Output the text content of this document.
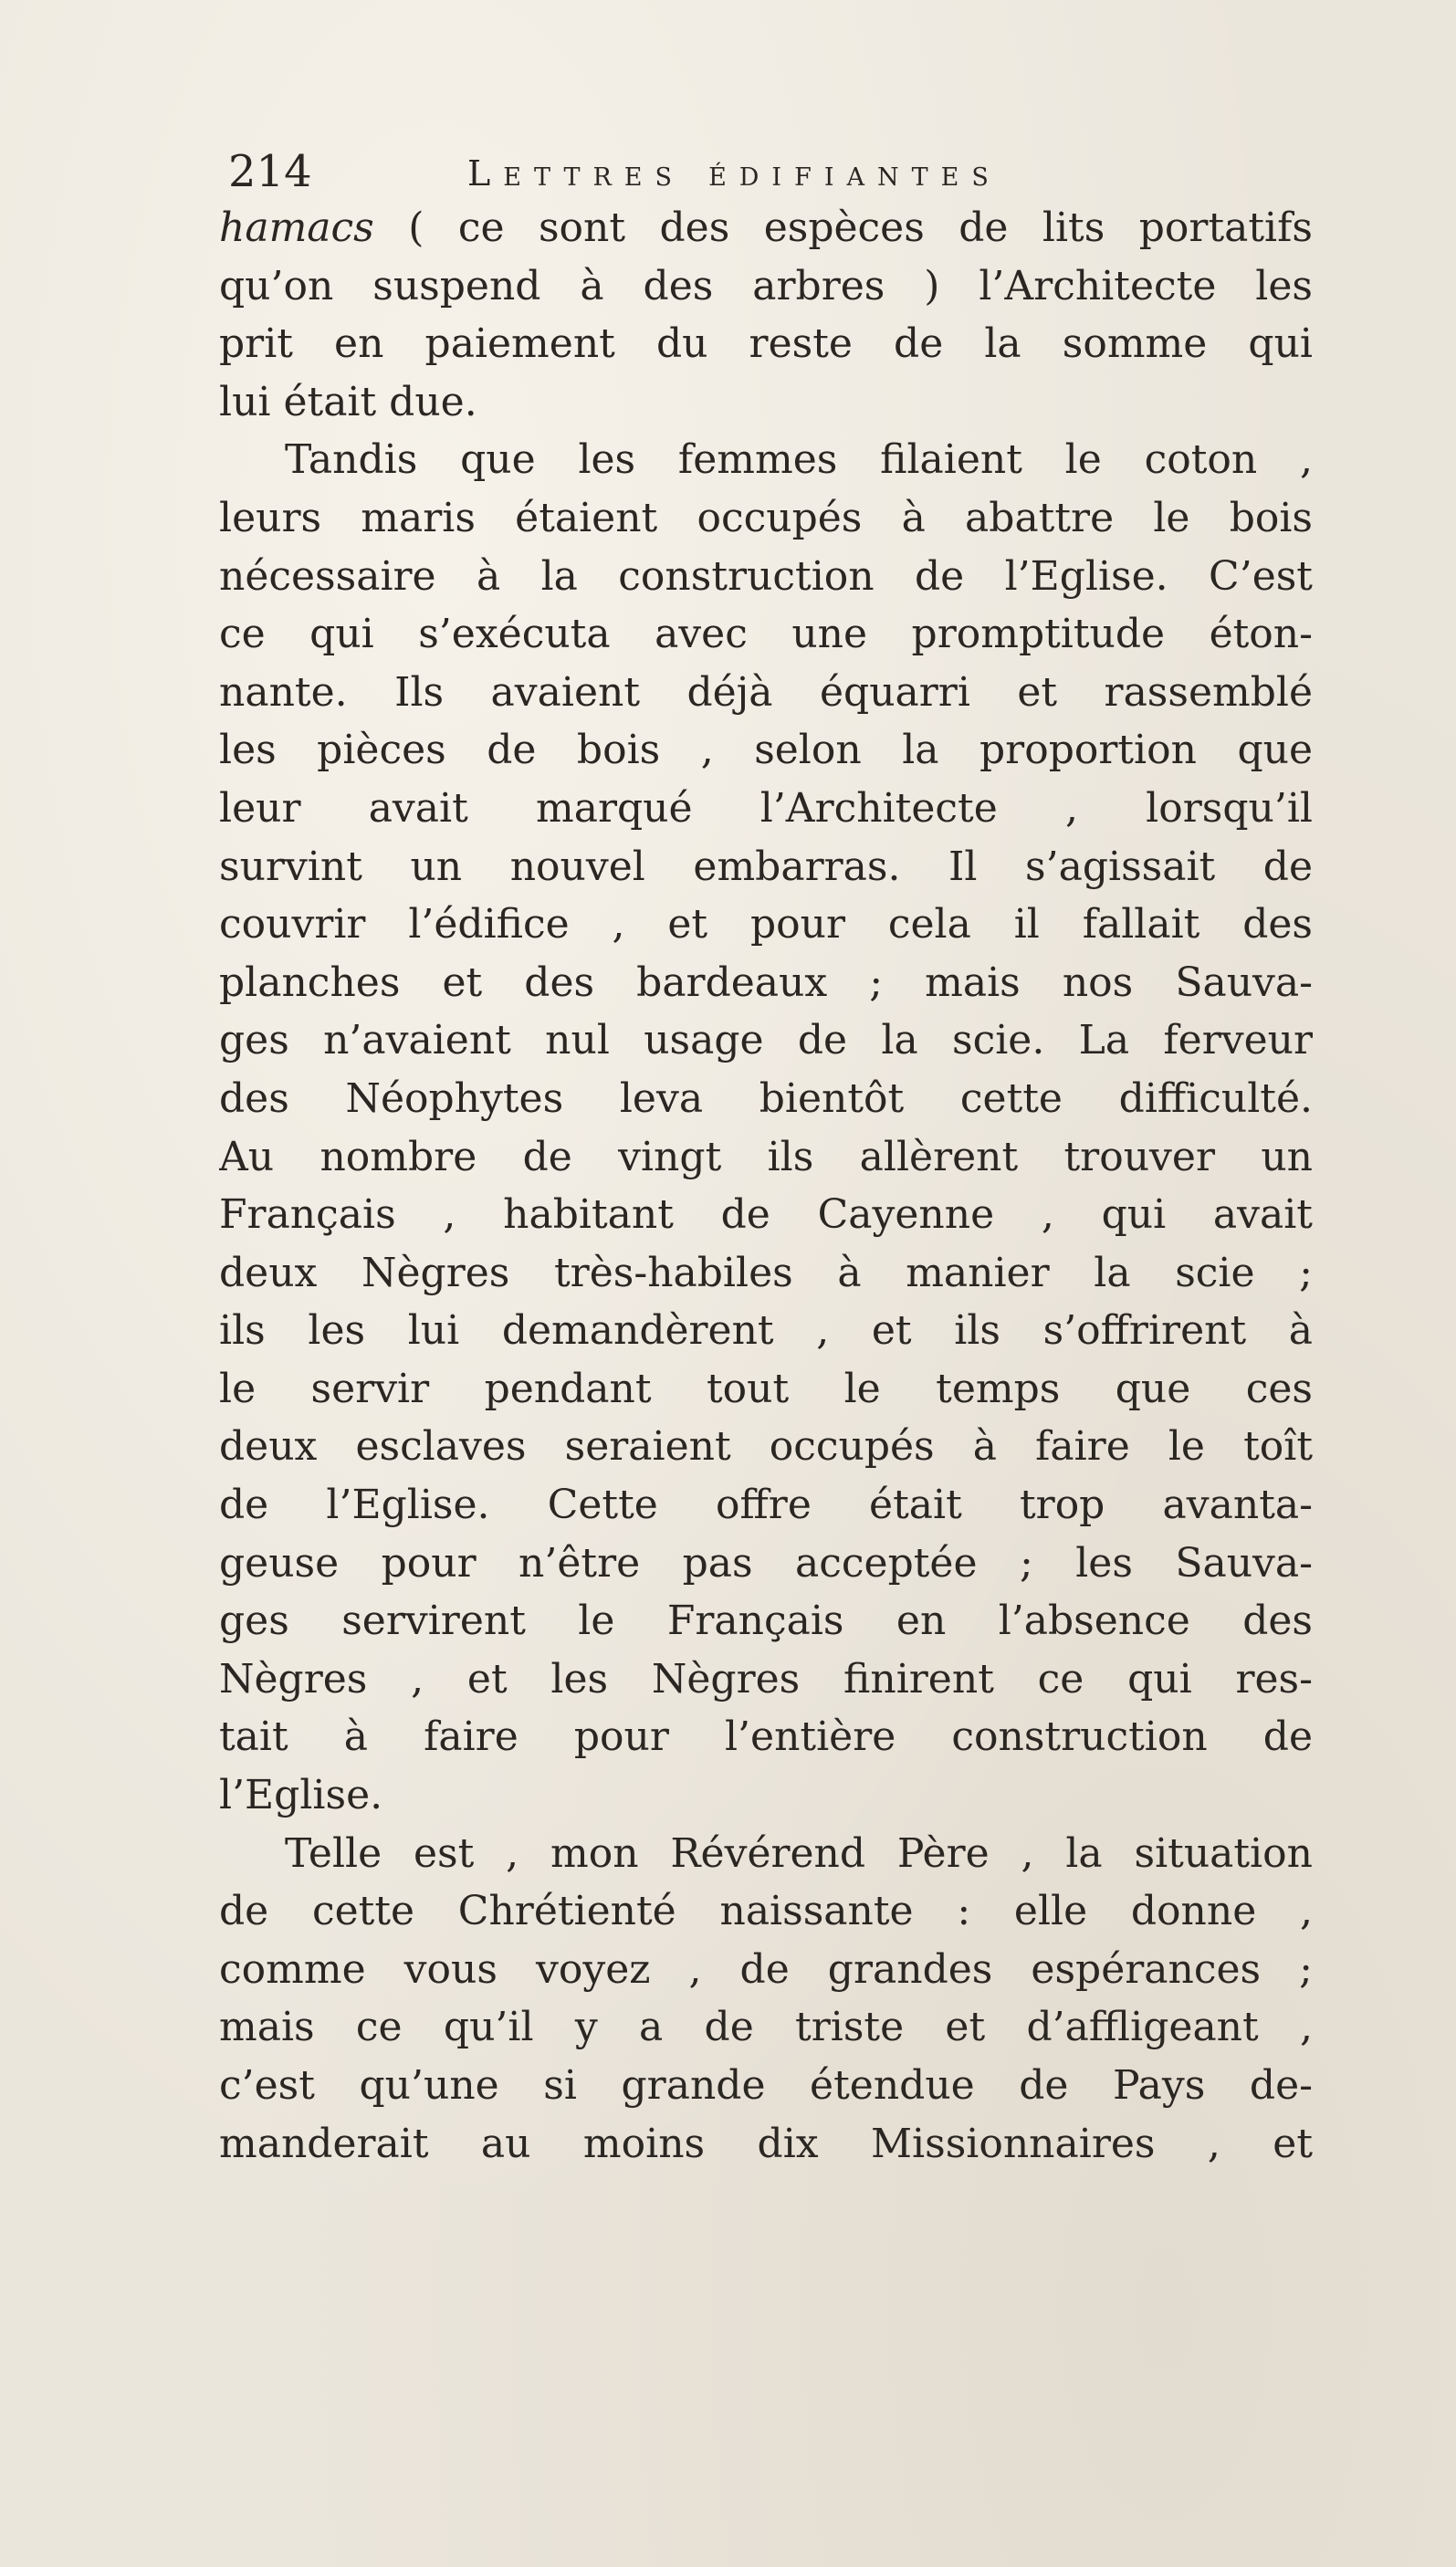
214	Lettres édifiantes
hamacs ( ce sont des espèces de lits portatifs
qu’on suspend à des arbres ) l’Architecte les
prit en paiement du reste de la somme qui
lui était due.
Tandis que les femmes filaient le coton ,
leurs maris étaient occupés à abattre le bois
nécessaire à la construction de l’Eglise. C’est
ce qui s’exécuta avec une promptitude éton-
nante. Ils avaient déjà équarri et rassemblé
les pièces de bois , selon la proportion que
leur avait marqué l’Architecte , lorsqu’il
survint un nouvel embarras. Il s’agissait de
couvrir l’édifice , et pour cela il fallait des
planches et des bardeaux ; mais nos Sauva-
ges n’avaient nul usage de la scie. La ferveur
des Néophytes leva bientôt cette difficulté.
Au nombre de vingt ils allèrent trouver un
Français , habitant de Cayenne , qui avait
deux Nègres très-habiles à manier la scie ;
ils les lui demandèrent , et ils s’offrirent à
le servir pendant tout le temps que ces
deux esclaves seraient occupés à faire le toît
de l’Eglise. Cette offre était trop avanta-
geuse pour n’être pas acceptée ; les Sauva-
ges servirent le Français en l’absence des
Nègres , et les Nègres finirent ce qui res-
tait à faire pour l’entière construction de
l’Eglise.
Telle est , mon Révérend Père , la situation
de cette Chrétienté naissante : elle donne ,
comme vous voyez , de grandes espérances ;
mais ce qu’il y a de triste et d’affligeant ,
c’est qu’une si grande étendue de Pays de-
manderait au moins dix Missionnaires , et
